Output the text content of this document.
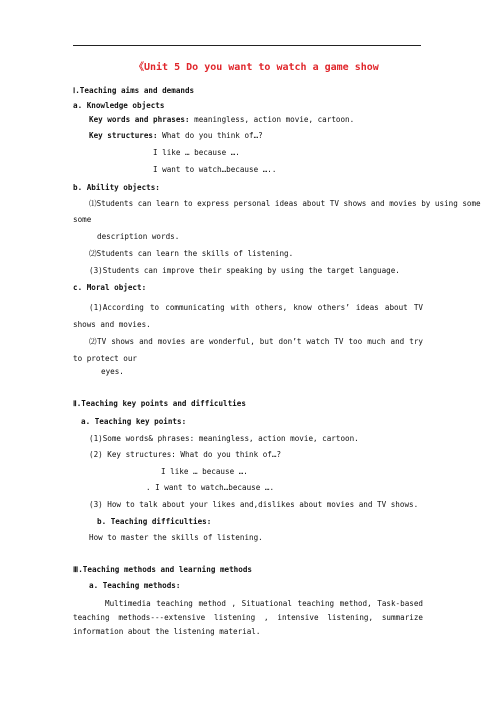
《Unit 5 Do you want to watch a game show
Ⅰ.Teaching aims and demands
a. Knowledge objects
Key words and phrases: meaningless, action movie, cartoon.
Key structures: What do you think of…?
I like … because ….
I want to watch…because …..
b. Ability objects:
⑴Students can learn to express personal ideas about TV shows and movies by using some
some
description words.
⑵Students can learn the skills of listening.
(3)Students can improve their speaking by using the target language.
c. Moral object:
(1)According to communicating with others, know others’ ideas about TV shows and movies.
⑵TV shows and movies are wonderful, but don’t watch TV too much and try to protect our
eyes.
Ⅱ.Teaching key points and difficulties
a. Teaching key points:
(1)Some words& phrases: meaningless, action movie, cartoon.
(2) Key structures: What do you think of…?
I like … because ….
. I want to watch…because ….
(3) How to talk about your likes and,dislikes about movies and TV shows.
b. Teaching difficulties:
How to master the skills of listening.
Ⅲ.Teaching methods and learning methods
a. Teaching methods:
Multimedia teaching method , Situational teaching method, Task-based teaching methods---extensive listening , intensive listening, summarize information about the listening material.
